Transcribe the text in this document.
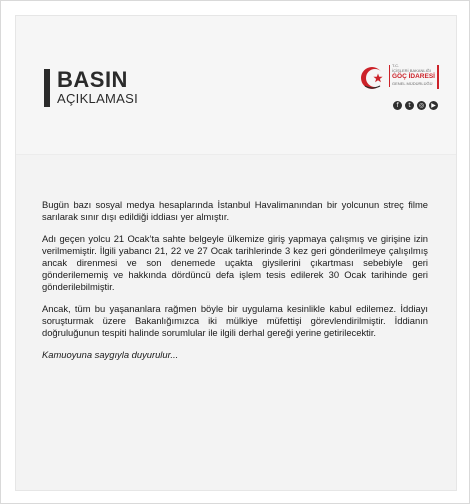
BASIN
AÇIKLAMASI
T.C.
İÇİŞLERİ BAKANLIĞI
GÖÇ İDARESİ
GENEL MÜDÜRLÜĞÜ
f	t	◎	▶

Bugün bazı sosyal medya hesaplarında İstanbul Havalimanından bir yolcunun streç filme sarılarak sınır dışı edildiği iddiası yer almıştır.

Adı geçen yolcu 21 Ocak’ta sahte belgeyle ülkemize giriş yapmaya çalışmış ve girişine izin verilmemiştir. İlgili yabancı 21, 22 ve 27 Ocak tarihlerinde 3 kez geri gönderilmeye çalışılmış ancak direnmesi ve son denemede uçakta giysilerini çıkartması sebebiyle geri gönderilememiş ve hakkında dördüncü defa işlem tesis edilerek 30 Ocak tarihinde geri gönderilebilmiştir.

Ancak, tüm bu yaşananlara rağmen böyle bir uygulama kesinlikle kabul edilemez. İddiayı soruşturmak üzere Bakanlığımızca iki mülkiye müfettişi görevlendirilmiştir. İddianın doğruluğunun tespiti halinde sorumlular ile ilgili derhal gereği yerine getirilecektir.

Kamuoyuna saygıyla duyurulur...
